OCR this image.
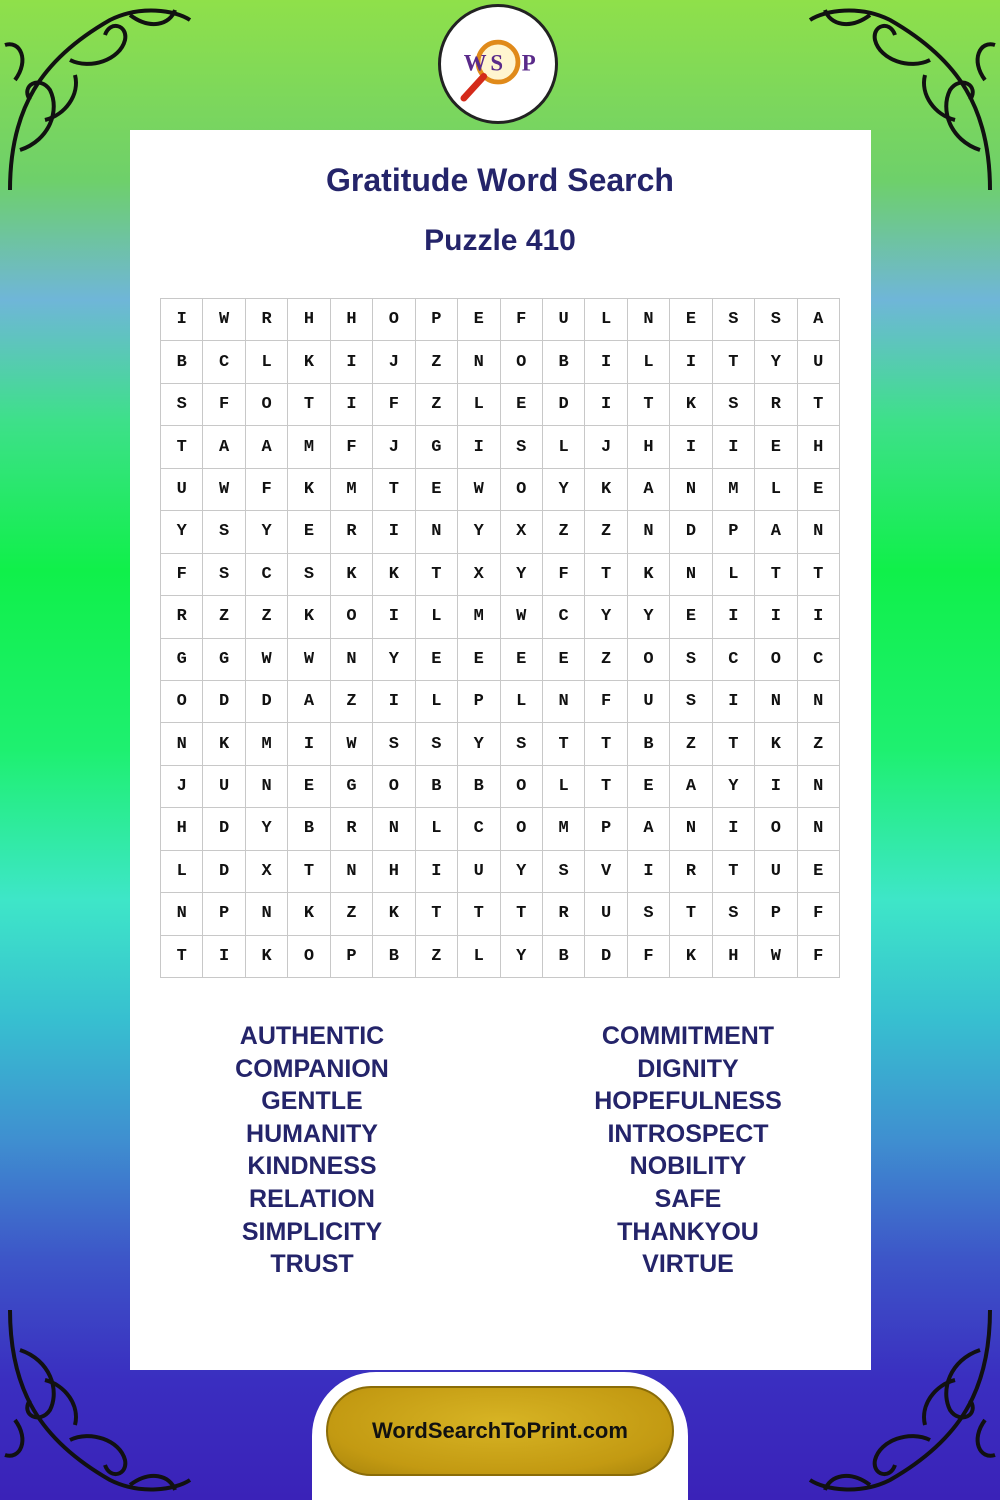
W S P
Gratitude Word Search
Puzzle 410
I	W	R	H	H	O	P	E	F	U	L	N	E	S	S	A
B	C	L	K	I	J	Z	N	O	B	I	L	I	T	Y	U
S	F	O	T	I	F	Z	L	E	D	I	T	K	S	R	T
T	A	A	M	F	J	G	I	S	L	J	H	I	I	E	H
U	W	F	K	M	T	E	W	O	Y	K	A	N	M	L	E
Y	S	Y	E	R	I	N	Y	X	Z	Z	N	D	P	A	N
F	S	C	S	K	K	T	X	Y	F	T	K	N	L	T	T
R	Z	Z	K	O	I	L	M	W	C	Y	Y	E	I	I	I
G	G	W	W	N	Y	E	E	E	E	Z	O	S	C	O	C
O	D	D	A	Z	I	L	P	L	N	F	U	S	I	N	N
N	K	M	I	W	S	S	Y	S	T	T	B	Z	T	K	Z
J	U	N	E	G	O	B	B	O	L	T	E	A	Y	I	N
H	D	Y	B	R	N	L	C	O	M	P	A	N	I	O	N
L	D	X	T	N	H	I	U	Y	S	V	I	R	T	U	E
N	P	N	K	Z	K	T	T	T	R	U	S	T	S	P	F
T	I	K	O	P	B	Z	L	Y	B	D	F	K	H	W	F
AUTHENTIC
COMPANION
GENTLE
HUMANITY
KINDNESS
RELATION
SIMPLICITY
TRUST
COMMITMENT
DIGNITY
HOPEFULNESS
INTROSPECT
NOBILITY
SAFE
THANKYOU
VIRTUE
WordSearchToPrint.com
